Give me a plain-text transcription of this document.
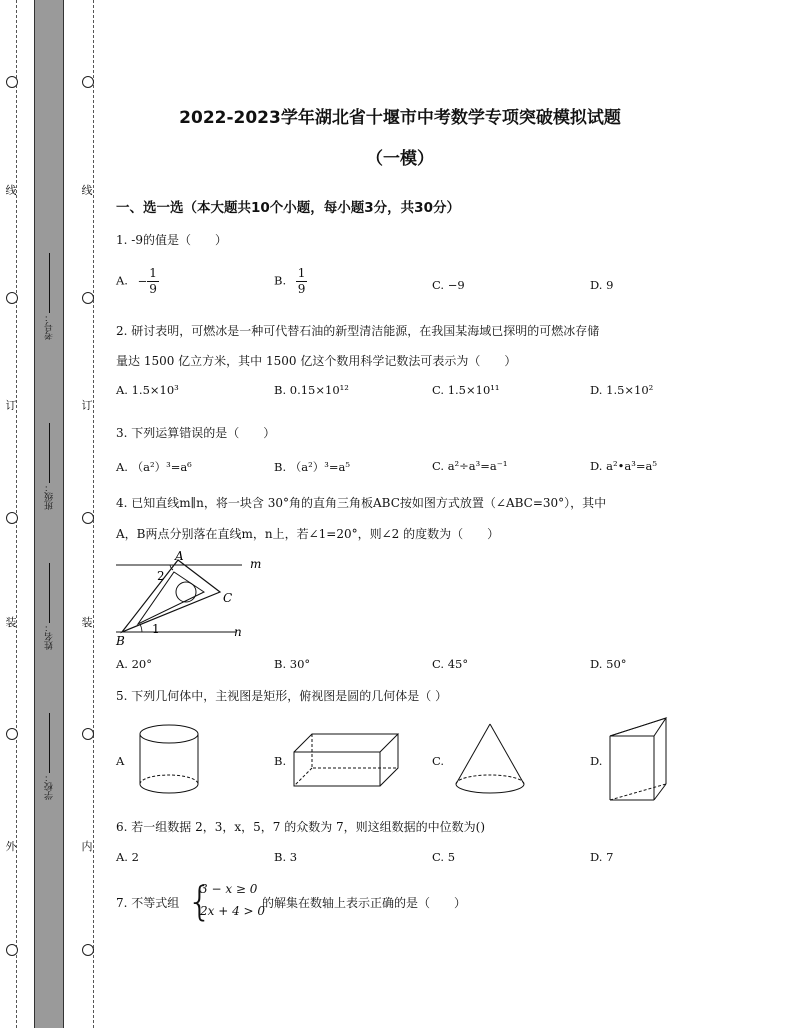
线
订
装
外
线
订
装
内
考号：
班级：
姓名：
学校：
2022-2023学年湖北省十堰市中考数学专项突破模拟试题
（一模）
一、选一选（本大题共10个小题，每小题3分，共30分）
1. -9的值是（　　）
A. − $\frac{1}{9}$	B. $\frac{1}{9}$	C. −9	D. 9
2. 研讨表明，可燃冰是一种可代替石油的新型清洁能源，在我国某海域已探明的可燃冰存储
量达 1500 亿立方米，其中 1500 亿这个数用科学记数法可表示为（　　）
A. 1.5×10³	B. 0.15×10¹²	C. 1.5×10¹¹	D. 1.5×10²
3. 下列运算错误的是（　　）
A. （a²）³=a⁶	B. （a²）³=a⁵	C. a²÷a³=a⁻¹	D. a²•a³=a⁵
4. 已知直线m∥n，将一块含 30°角的直角三角板ABC按如图方式放置（∠ABC=30°），其中
A，B两点分别落在直线m，n上，若∠1=20°，则∠2 的度数为（　　）
A
B
C
m
n
1
2
A. 20°	B. 30°	C. 45°	D. 50°
5. 下列几何体中，主视图是矩形，俯视图是圆的几何体是（ ）
A	B.	C.	D.
6. 若一组数据 2，3，x，5，7 的众数为 7，则这组数据的中位数为()
A. 2	B. 3	C. 5	D. 7
7. 不等式组 {
3 − x ≥ 0
2x + 4 > 0
的解集在数轴上表示正确的是（　　）
